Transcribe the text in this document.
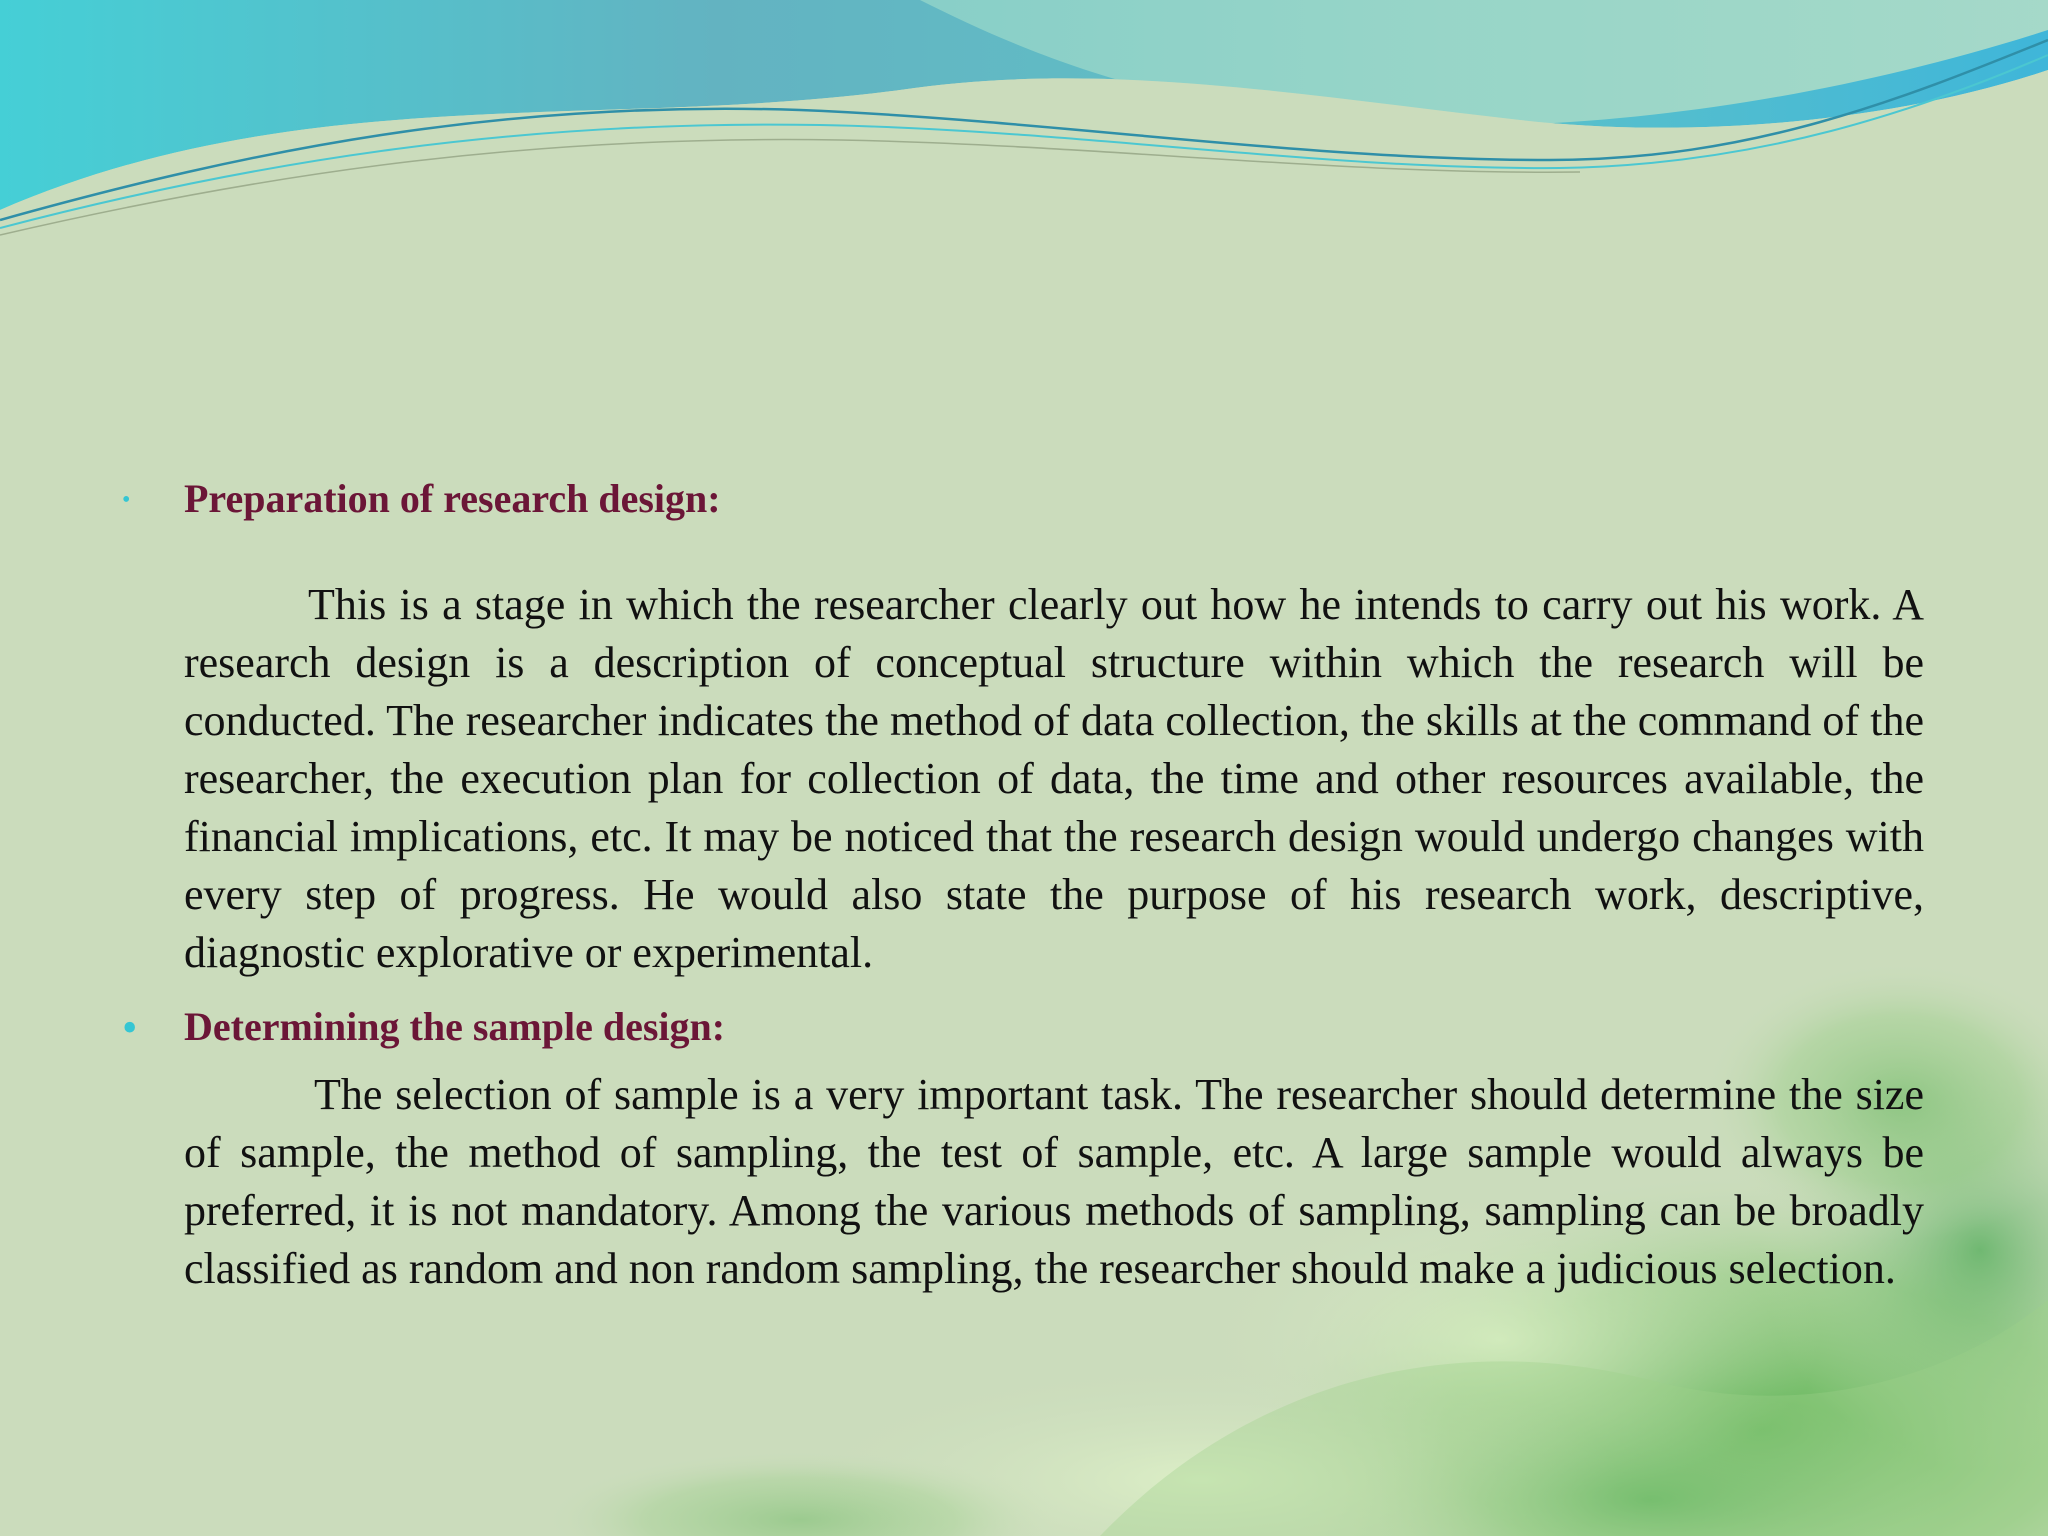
• Preparation of research design:

This is a stage in which the researcher clearly out how he intends to carry out his work. A research design is a description of conceptual structure within which the research will be conducted. The researcher indicates the method of data collection, the skills at the command of the researcher, the execution plan for collection of data, the time and other resources available, the financial implications, etc. It may be noticed that the research design would undergo changes with every step of progress. He would also state the purpose of his research work, descriptive, diagnostic explorative or experimental.

• Determining the sample design:

The selection of sample is a very important task. The researcher should determine the size of sample, the method of sampling, the test of sample, etc. A large sample would always be preferred, it is not mandatory. Among the various methods of sampling, sampling can be broadly classified as random and non random sampling, the researcher should make a judicious selection.
